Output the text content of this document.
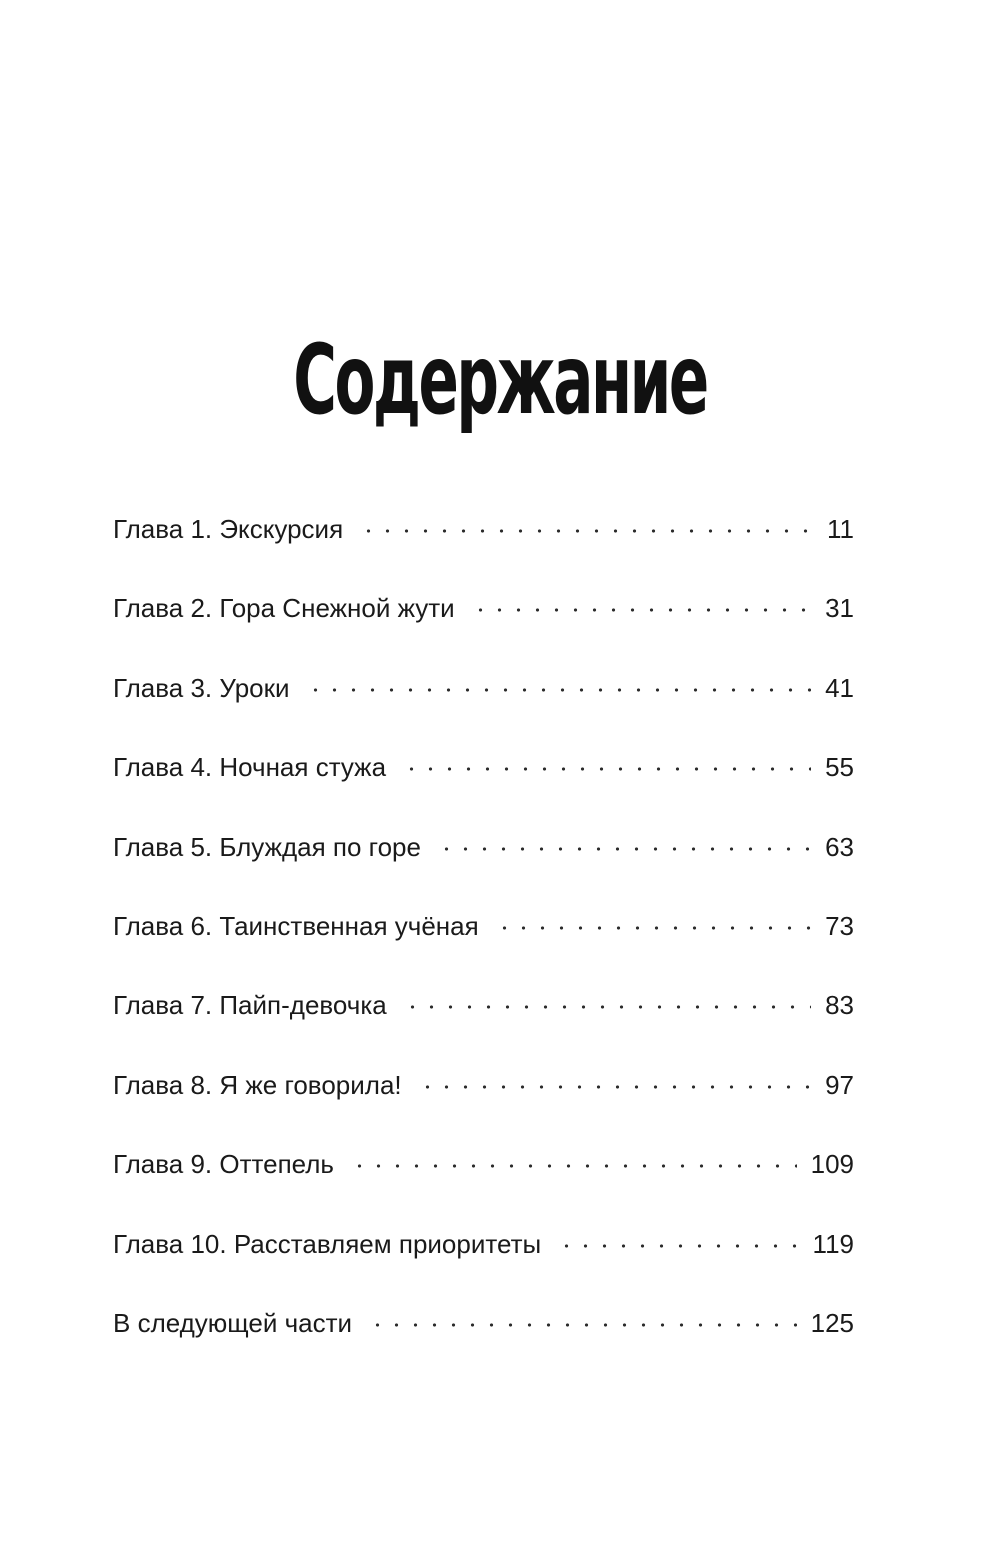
Содержание
Глава 1. Экскурсия	11
Глава 2. Гора Снежной жути	31
Глава 3. Уроки	41
Глава 4. Ночная стужа	55
Глава 5. Блуждая по горе	63
Глава 6. Таинственная учёная	73
Глава 7. Пайп-девочка	83
Глава 8. Я же говорила!	97
Глава 9. Оттепель	109
Глава 10. Расставляем приоритеты	119
В следующей части	125
